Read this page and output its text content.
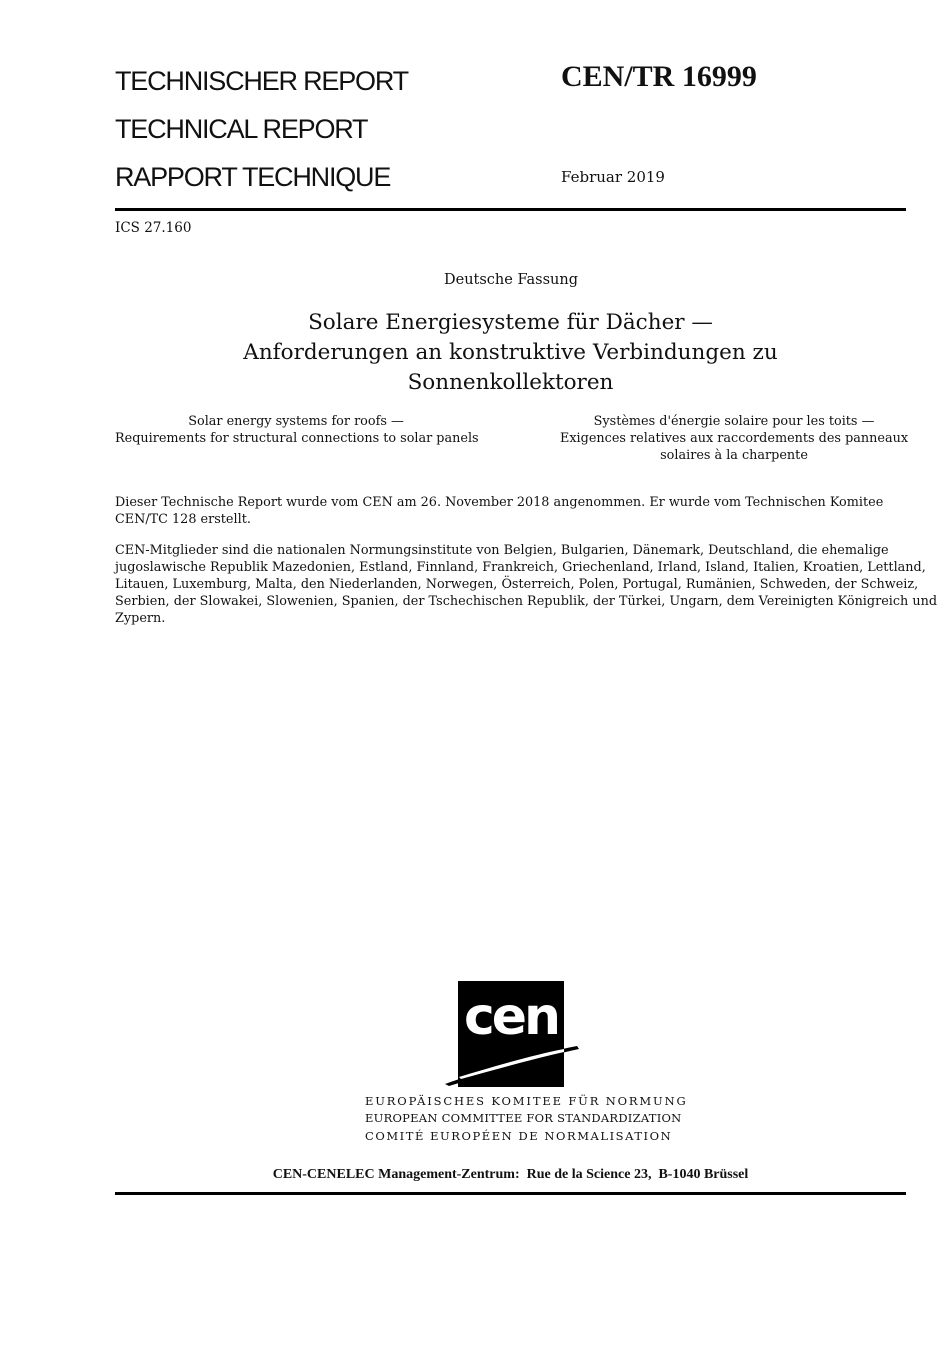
TECHNISCHER REPORT
TECHNICAL REPORT
RAPPORT TECHNIQUE
CEN/TR 16999
Februar 2019
ICS 27.160
Deutsche Fassung
Solare Energiesysteme für Dächer —
Anforderungen an konstruktive Verbindungen zu
Sonnenkollektoren
Solar energy systems for roofs —
Requirements for structural connections to solar panels
Systèmes d'énergie solaire pour les toits —
Exigences relatives aux raccordements des panneaux
solaires à la charpente
Dieser Technische Report wurde vom CEN am 26. November 2018 angenommen. Er wurde vom Technischen Komitee
CEN/TC 128 erstellt.
CEN-Mitglieder sind die nationalen Normungsinstitute von Belgien, Bulgarien, Dänemark, Deutschland, die ehemalige
jugoslawische Republik Mazedonien, Estland, Finnland, Frankreich, Griechenland, Irland, Island, Italien, Kroatien, Lettland,
Litauen, Luxemburg, Malta, den Niederlanden, Norwegen, Österreich, Polen, Portugal, Rumänien, Schweden, der Schweiz,
Serbien, der Slowakei, Slowenien, Spanien, der Tschechischen Republik, der Türkei, Ungarn, dem Vereinigten Königreich und
Zypern.
cen
EUROPÄISCHES KOMITEE FÜR NORMUNG
EUROPEAN COMMITTEE FOR STANDARDIZATION
COMITÉ EUROPÉEN DE NORMALISATION
CEN-CENELEC Management-Zentrum:  Rue de la Science 23,  B-1040 Brüssel
